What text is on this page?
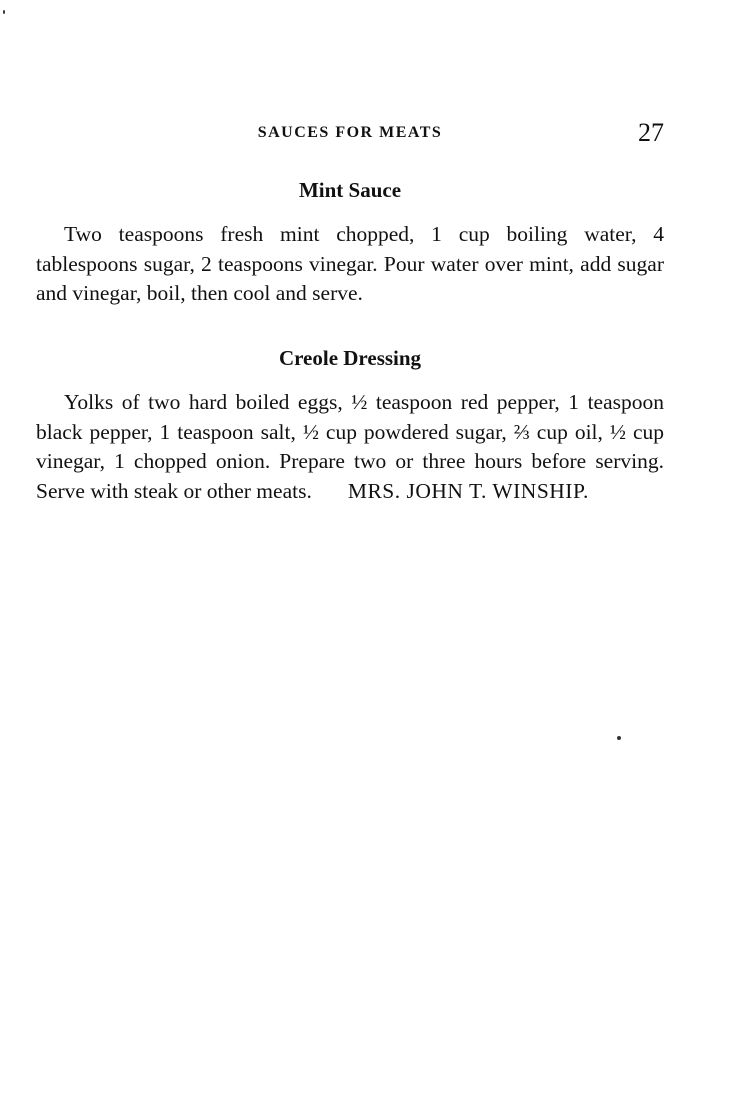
SAUCES FOR MEATS	27
Mint Sauce

Two teaspoons fresh mint chopped, 1 cup boiling water, 4 tablespoons sugar, 2 teaspoons vinegar. Pour water over mint, add sugar and vinegar, boil, then cool and serve.

Creole Dressing

Yolks of two hard boiled eggs, ½ teaspoon red pepper, 1 teaspoon black pepper, 1 teaspoon salt, ½ cup powdered sugar, ⅔ cup oil, ½ cup vinegar, 1 chopped onion. Prepare two or three hours before serving. Serve with steak or other meats. MRS. JOHN T. WINSHIP.
